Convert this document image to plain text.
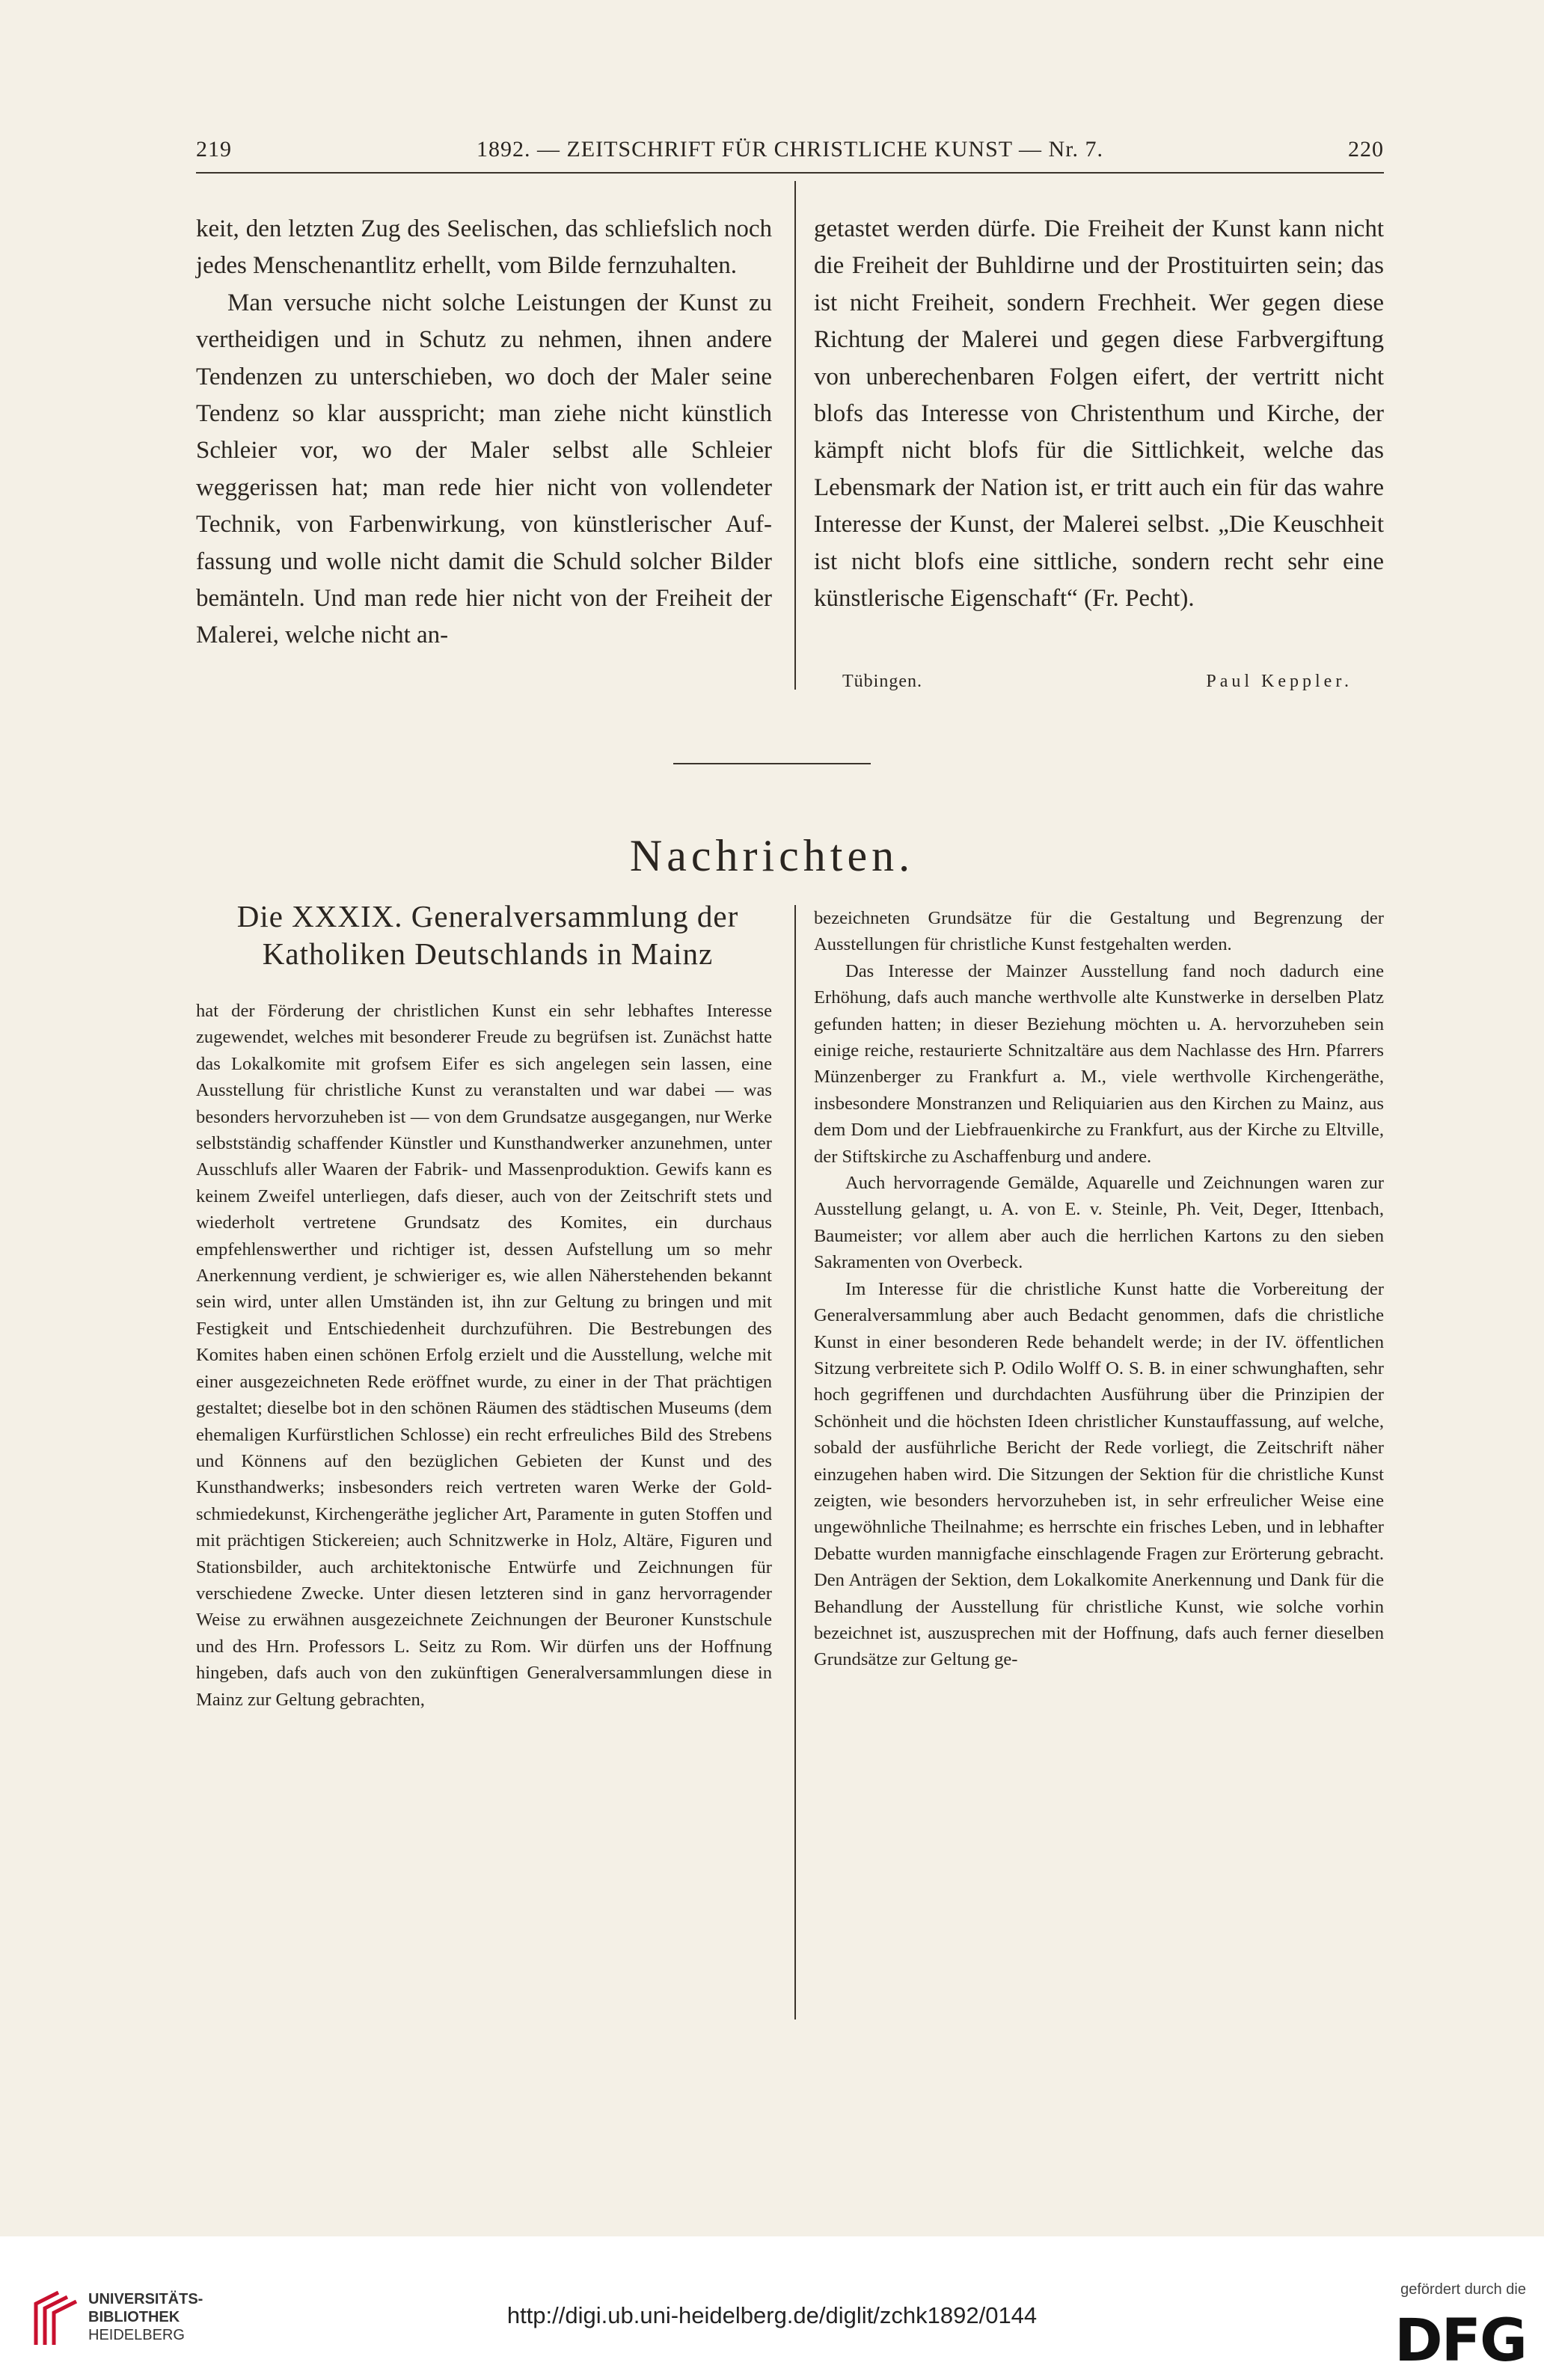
219	1892. — ZEITSCHRIFT FÜR CHRISTLICHE KUNST — Nr. 7.	220

keit, den letzten Zug des Seelischen, das schliefslich noch jedes Menschenantlitz erhellt, vom Bilde fernzuhalten.

Man versuche nicht solche Leistungen der Kunst zu vertheidigen und in Schutz zu nehmen, ihnen andere Tendenzen zu unterschieben, wo doch der Maler seine Tendenz so klar ausspricht; man ziehe nicht künstlich Schleier vor, wo der Maler selbst alle Schleier weggerissen hat; man rede hier nicht von vollendeter Technik, von Farbenwirkung, von künstlerischer Auffassung und wolle nicht damit die Schuld solcher Bilder bemänteln. Und man rede hier nicht von der Freiheit der Malerei, welche nicht an-

getastet werden dürfe. Die Freiheit der Kunst kann nicht die Freiheit der Buhldirne und der Prostituirten sein; das ist nicht Freiheit, sondern Frechheit. Wer gegen diese Richtung der Malerei und gegen diese Farbvergiftung von unberechenbaren Folgen eifert, der vertritt nicht blofs das Interesse von Christenthum und Kirche, der kämpft nicht blofs für die Sittlichkeit, welche das Lebensmark der Nation ist, er tritt auch ein für das wahre Interesse der Kunst, der Malerei selbst. „Die Keuschheit ist nicht blofs eine sittliche, sondern recht sehr eine künstlerische Eigenschaft“ (Fr. Pecht).

Tübingen.	Paul Keppler.
Nachrichten.
Die XXXIX. Generalversammlung der Katholiken Deutschlands in Mainz

hat der Förderung der christlichen Kunst ein sehr lebhaftes Interesse zugewendet, welches mit besonderer Freude zu begrüfsen ist. Zunächst hatte das Lokalkomite mit grofsem Eifer es sich angelegen sein lassen, eine Ausstellung für christliche Kunst zu veranstalten und war dabei — was besonders hervorzuheben ist — von dem Grundsatze ausgegangen, nur Werke selbstständig schaffender Künstler und Kunsthandwerker anzunehmen, unter Ausschlufs aller Waaren der Fabrik- und Massenproduktion. Gewifs kann es keinem Zweifel unterliegen, dafs dieser, auch von der Zeitschrift stets und wiederholt vertretene Grundsatz des Komites, ein durchaus empfehlenswerther und richtiger ist, dessen Aufstellung um so mehr Anerkennung verdient, je schwieriger es, wie allen Näherstehenden bekannt sein wird, unter allen Umständen ist, ihn zur Geltung zu bringen und mit Festigkeit und Entschiedenheit durchzuführen. Die Bestrebungen des Komites haben einen schönen Erfolg erzielt und die Ausstellung, welche mit einer ausgezeichneten Rede eröffnet wurde, zu einer in der That prächtigen gestaltet; dieselbe bot in den schönen Räumen des städtischen Museums (dem ehemaligen Kurfürstlichen Schlosse) ein recht erfreuliches Bild des Strebens und Könnens auf den bezüglichen Gebieten der Kunst und des Kunsthandwerks; insbesonders reich vertreten waren Werke der Goldschmiedekunst, Kirchengeräthe jeglicher Art, Paramente in guten Stoffen und mit prächtigen Stickereien; auch Schnitzwerke in Holz, Altäre, Figuren und Stationsbilder, auch architektonische Entwürfe und Zeichnungen für verschiedene Zwecke. Unter diesen letzteren sind in ganz hervorragender Weise zu erwähnen ausgezeichnete Zeichnungen der Beuroner Kunstschule und des Hrn. Professors L. Seitz zu Rom. Wir dürfen uns der Hoffnung hingeben, dafs auch von den zukünftigen Generalversammlungen diese in Mainz zur Geltung gebrachten,

bezeichneten Grundsätze für die Gestaltung und Begrenzung der Ausstellungen für christliche Kunst festgehalten werden.

Das Interesse der Mainzer Ausstellung fand noch dadurch eine Erhöhung, dafs auch manche werthvolle alte Kunstwerke in derselben Platz gefunden hatten; in dieser Beziehung möchten u. A. hervorzuheben sein einige reiche, restaurierte Schnitzaltäre aus dem Nachlasse des Hrn. Pfarrers Münzenberger zu Frankfurt a. M., viele werthvolle Kirchengeräthe, insbesondere Monstranzen und Reliquiarien aus den Kirchen zu Mainz, aus dem Dom und der Liebfrauenkirche zu Frankfurt, aus der Kirche zu Eltville, der Stiftskirche zu Aschaffenburg und andere.

Auch hervorragende Gemälde, Aquarelle und Zeichnungen waren zur Ausstellung gelangt, u. A. von E. v. Steinle, Ph. Veit, Deger, Ittenbach, Baumeister; vor allem aber auch die herrlichen Kartons zu den sieben Sakramenten von Overbeck.

Im Interesse für die christliche Kunst hatte die Vorbereitung der Generalversammlung aber auch Bedacht genommen, dafs die christliche Kunst in einer besonderen Rede behandelt werde; in der IV. öffentlichen Sitzung verbreitete sich P. Odilo Wolff O. S. B. in einer schwunghaften, sehr hoch gegriffenen und durchdachten Ausführung über die Prinzipien der Schönheit und die höchsten Ideen christlicher Kunstauffassung, auf welche, sobald der ausführliche Bericht der Rede vorliegt, die Zeitschrift näher einzugehen haben wird. Die Sitzungen der Sektion für die christliche Kunst zeigten, wie besonders hervorzuheben ist, in sehr erfreulicher Weise eine ungewöhnliche Theilnahme; es herrschte ein frisches Leben, und in lebhafter Debatte wurden mannigfache einschlagende Fragen zur Erörterung gebracht. Den Anträgen der Sektion, dem Lokalkomite Anerkennung und Dank für die Behandlung der Ausstellung für christliche Kunst, wie solche vorhin bezeichnet ist, auszusprechen mit der Hoffnung, dafs auch ferner dieselben Grundsätze zur Geltung ge-

UNIVERSITÄTS-
BIBLIOTHEK
HEIDELBERG
http://digi.ub.uni-heidelberg.de/diglit/zchk1892/0144
gefördert durch die
DFG
